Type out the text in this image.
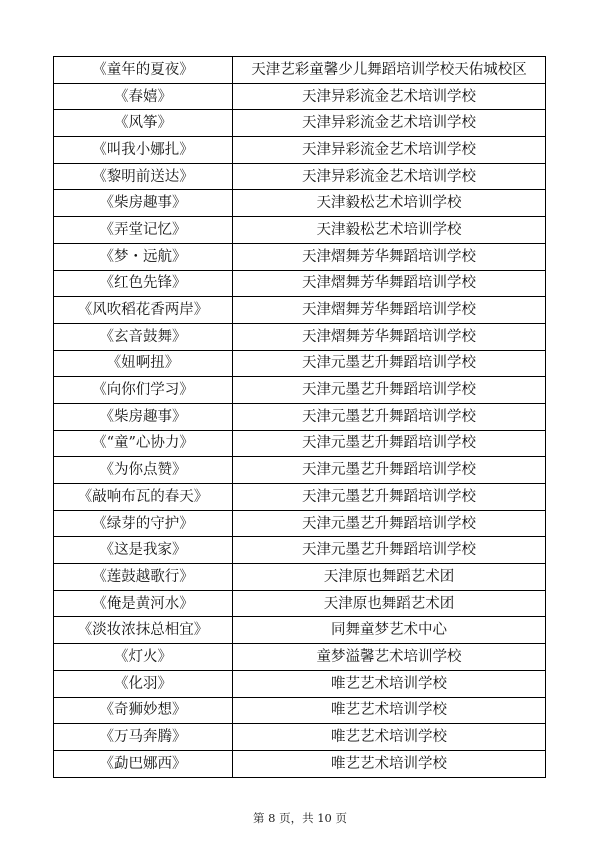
《童年的夏夜》	天津艺彩童馨少儿舞蹈培训学校天佑城校区
《春嬉》	天津异彩流金艺术培训学校
《风筝》	天津异彩流金艺术培训学校
《叫我小娜扎》	天津异彩流金艺术培训学校
《黎明前送达》	天津异彩流金艺术培训学校
《柴房趣事》	天津毅松艺术培训学校
《弄堂记忆》	天津毅松艺术培训学校
《梦・远航》	天津熠舞芳华舞蹈培训学校
《红色先锋》	天津熠舞芳华舞蹈培训学校
《风吹稻花香两岸》	天津熠舞芳华舞蹈培训学校
《玄音鼓舞》	天津熠舞芳华舞蹈培训学校
《妞啊扭》	天津元墨艺升舞蹈培训学校
《向你们学习》	天津元墨艺升舞蹈培训学校
《柴房趣事》	天津元墨艺升舞蹈培训学校
《“童”心协力》	天津元墨艺升舞蹈培训学校
《为你点赞》	天津元墨艺升舞蹈培训学校
《敲响布瓦的春天》	天津元墨艺升舞蹈培训学校
《绿芽的守护》	天津元墨艺升舞蹈培训学校
《这是我家》	天津元墨艺升舞蹈培训学校
《莲鼓越歌行》	天津原也舞蹈艺术团
《俺是黄河水》	天津原也舞蹈艺术团
《淡妆浓抹总相宜》	同舞童梦艺术中心
《灯火》	童梦溢馨艺术培训学校
《化羽》	唯艺艺术培训学校
《奇狮妙想》	唯艺艺术培训学校
《万马奔腾》	唯艺艺术培训学校
《勐巴娜西》	唯艺艺术培训学校
第 8 页，共 10 页
